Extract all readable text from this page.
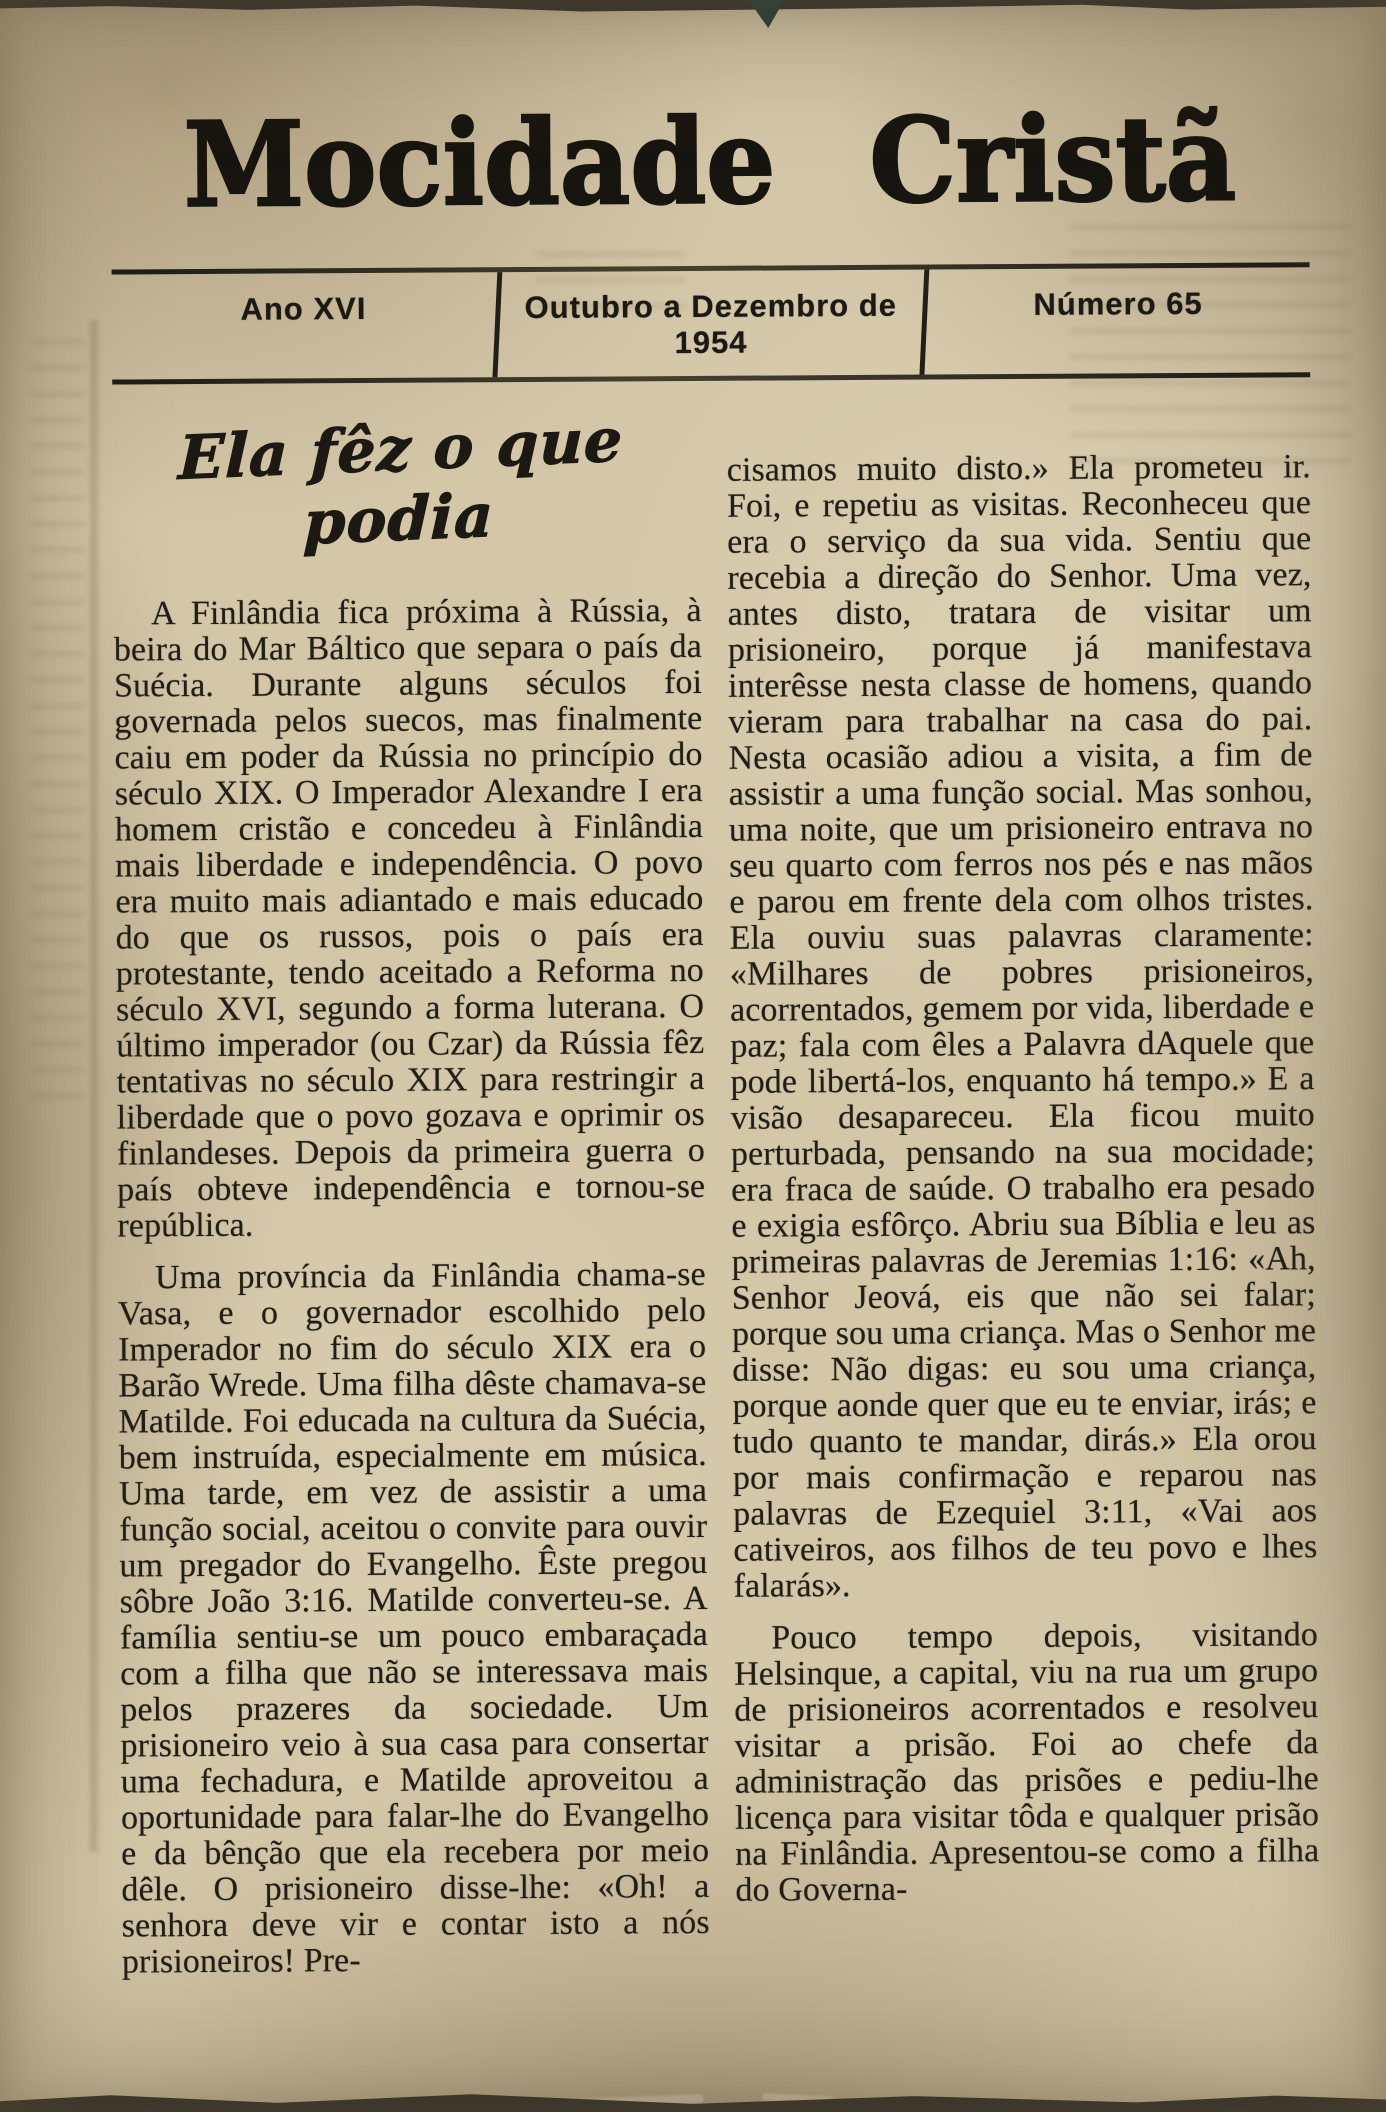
Mocidade Cristã
Ano XVI	Outubro a Dezembro de 1954
Número 65
Ela fêz o que podia

A Finlândia fica próxima à Rússia, à beira do Mar Báltico que separa o país da Suécia. Durante alguns séculos foi governada pelos suecos, mas finalmente caiu em poder da Rússia no princípio do século XIX. O Imperador Alexandre I era homem cristão e concedeu à Finlândia mais liberdade e independência. O povo era muito mais adiantado e mais educado do que os russos, pois o país era protestante, tendo aceitado a Reforma no século XVI, segundo a forma luterana. O último imperador (ou Czar) da Rússia fêz tentativas no século XIX para restringir a liberdade que o povo gozava e oprimir os finlandeses. Depois da primeira guerra o país obteve independência e tornou-se república.

Uma província da Finlândia chama-se Vasa, e o governador escolhido pelo Imperador no fim do século XIX era o Barão Wrede. Uma filha dêste chamava-se Matilde. Foi educada na cultura da Suécia, bem instruída, especialmente em música. Uma tarde, em vez de assistir a uma função social, aceitou o convite para ouvir um pregador do Evangelho. Êste pregou sôbre João 3:16. Matilde converteu-se. A família sentiu-se um pouco embaraçada com a filha que não se interessava mais pelos prazeres da sociedade. Um prisioneiro veio à sua casa para consertar uma fechadura, e Matilde aproveitou a oportunidade para falar-lhe do Evangelho e da bênção que ela recebera por meio dêle. O prisioneiro disse-lhe: «Oh! a senhora deve vir e contar isto a nós prisioneiros! Pre-

cisamos muito disto.» Ela prometeu ir. Foi, e repetiu as visitas. Reconheceu que era o serviço da sua vida. Sentiu que recebia a direção do Senhor. Uma vez, antes disto, tratara de visitar um prisioneiro, porque já manifestava interêsse nesta classe de homens, quando vieram para trabalhar na casa do pai. Nesta ocasião adiou a visita, a fim de assistir a uma função social. Mas sonhou, uma noite, que um prisioneiro entrava no seu quarto com ferros nos pés e nas mãos e parou em frente dela com olhos tristes. Ela ouviu suas palavras claramente: «Milhares de pobres prisioneiros, acorrentados, gemem por vida, liberdade e paz; fala com êles a Palavra dAquele que pode libertá-los, enquanto há tempo.» E a visão desapareceu. Ela ficou muito perturbada, pensando na sua mocidade; era fraca de saúde. O trabalho era pesado e exigia esfôrço. Abriu sua Bíblia e leu as primeiras palavras de Jeremias 1:16: «Ah, Senhor Jeová, eis que não sei falar; porque sou uma criança. Mas o Senhor me disse: Não digas: eu sou uma criança, porque aonde quer que eu te enviar, irás; e tudo quanto te mandar, dirás.» Ela orou por mais confirmação e reparou nas palavras de Ezequiel 3:11, «Vai aos cativeiros, aos filhos de teu povo e lhes falarás».

Pouco tempo depois, visitando Helsinque, a capital, viu na rua um grupo de prisioneiros acorrentados e resolveu visitar a prisão. Foi ao chefe da administração das prisões e pediu-lhe licença para visitar tôda e qualquer prisão na Finlândia. Apresentou-se como a filha do Governa-
